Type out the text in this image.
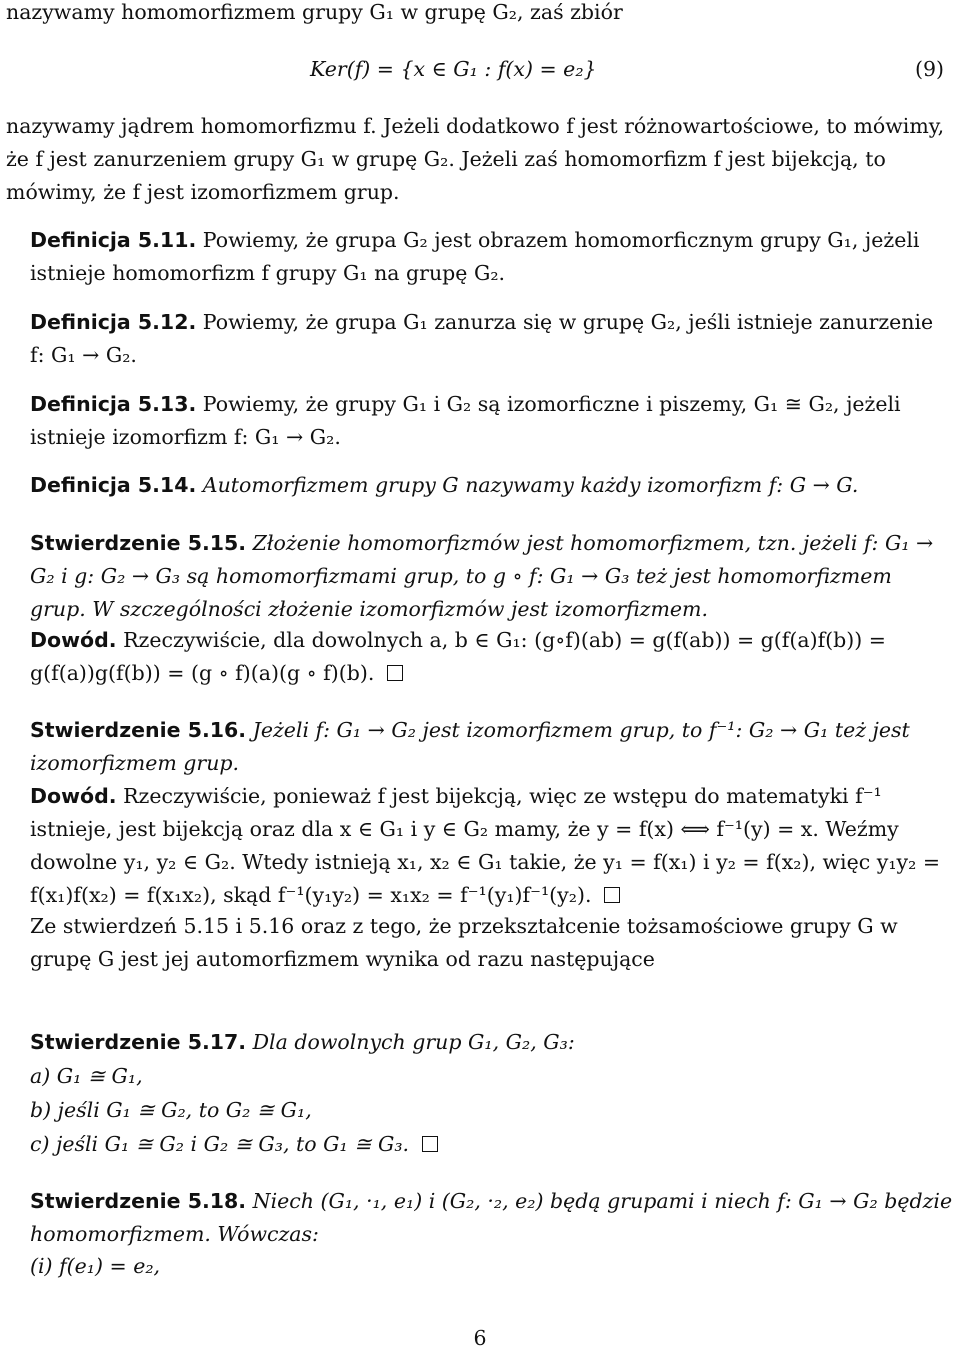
nazywamy homomorfizmem grupy G₁ w grupę G₂, zaś zbiór

Ker(f) = {x ∈ G₁ : f(x) = e₂}	(9)

nazywamy jądrem homomorfizmu f. Jeżeli dodatkowo f jest różnowartościowe, to mówimy, że f jest zanurzeniem grupy G₁ w grupę G₂. Jeżeli zaś homomorfizm f jest bijekcją, to mówimy, że f jest izomorfizmem grup.

Definicja 5.11. Powiemy, że grupa G₂ jest obrazem homomorficznym grupy G₁, jeżeli istnieje homomorfizm f grupy G₁ na grupę G₂.

Definicja 5.12. Powiemy, że grupa G₁ zanurza się w grupę G₂, jeśli istnieje zanurzenie f: G₁ → G₂.

Definicja 5.13. Powiemy, że grupy G₁ i G₂ są izomorficzne i piszemy, G₁ ≅ G₂, jeżeli istnieje izomorfizm f: G₁ → G₂.

Definicja 5.14. Automorfizmem grupy G nazywamy każdy izomorfizm f: G → G.

Stwierdzenie 5.15. Złożenie homomorfizmów jest homomorfizmem, tzn. jeżeli f: G₁ → G₂ i g: G₂ → G₃ są homomorfizmami grup, to g ∘ f: G₁ → G₃ też jest homomorfizmem grup. W szczególności złożenie izomorfizmów jest izomorfizmem.

Dowód. Rzeczywiście, dla dowolnych a, b ∈ G₁: (g∘f)(ab) = g(f(ab)) = g(f(a)f(b)) = g(f(a))g(f(b)) = (g ∘ f)(a)(g ∘ f)(b).

Stwierdzenie 5.16. Jeżeli f: G₁ → G₂ jest izomorfizmem grup, to f⁻¹: G₂ → G₁ też jest izomorfizmem grup.

Dowód. Rzeczywiście, ponieważ f jest bijekcją, więc ze wstępu do matematyki f⁻¹ istnieje, jest bijekcją oraz dla x ∈ G₁ i y ∈ G₂ mamy, że y = f(x) ⟺ f⁻¹(y) = x. Weźmy dowolne y₁, y₂ ∈ G₂. Wtedy istnieją x₁, x₂ ∈ G₁ takie, że y₁ = f(x₁) i y₂ = f(x₂), więc y₁y₂ = f(x₁)f(x₂) = f(x₁x₂), skąd f⁻¹(y₁y₂) = x₁x₂ = f⁻¹(y₁)f⁻¹(y₂).

Ze stwierdzeń 5.15 i 5.16 oraz z tego, że przekształcenie tożsamościowe grupy G w grupę G jest jej automorfizmem wynika od razu następujące

Stwierdzenie 5.17. Dla dowolnych grup G₁, G₂, G₃:

a) G₁ ≅ G₁,

b) jeśli G₁ ≅ G₂, to G₂ ≅ G₁,

c) jeśli G₁ ≅ G₂ i G₂ ≅ G₃, to G₁ ≅ G₃.

Stwierdzenie 5.18. Niech (G₁, ·₁, e₁) i (G₂, ·₂, e₂) będą grupami i niech f: G₁ → G₂ będzie homomorfizmem. Wówczas:

(i) f(e₁) = e₂,

6
